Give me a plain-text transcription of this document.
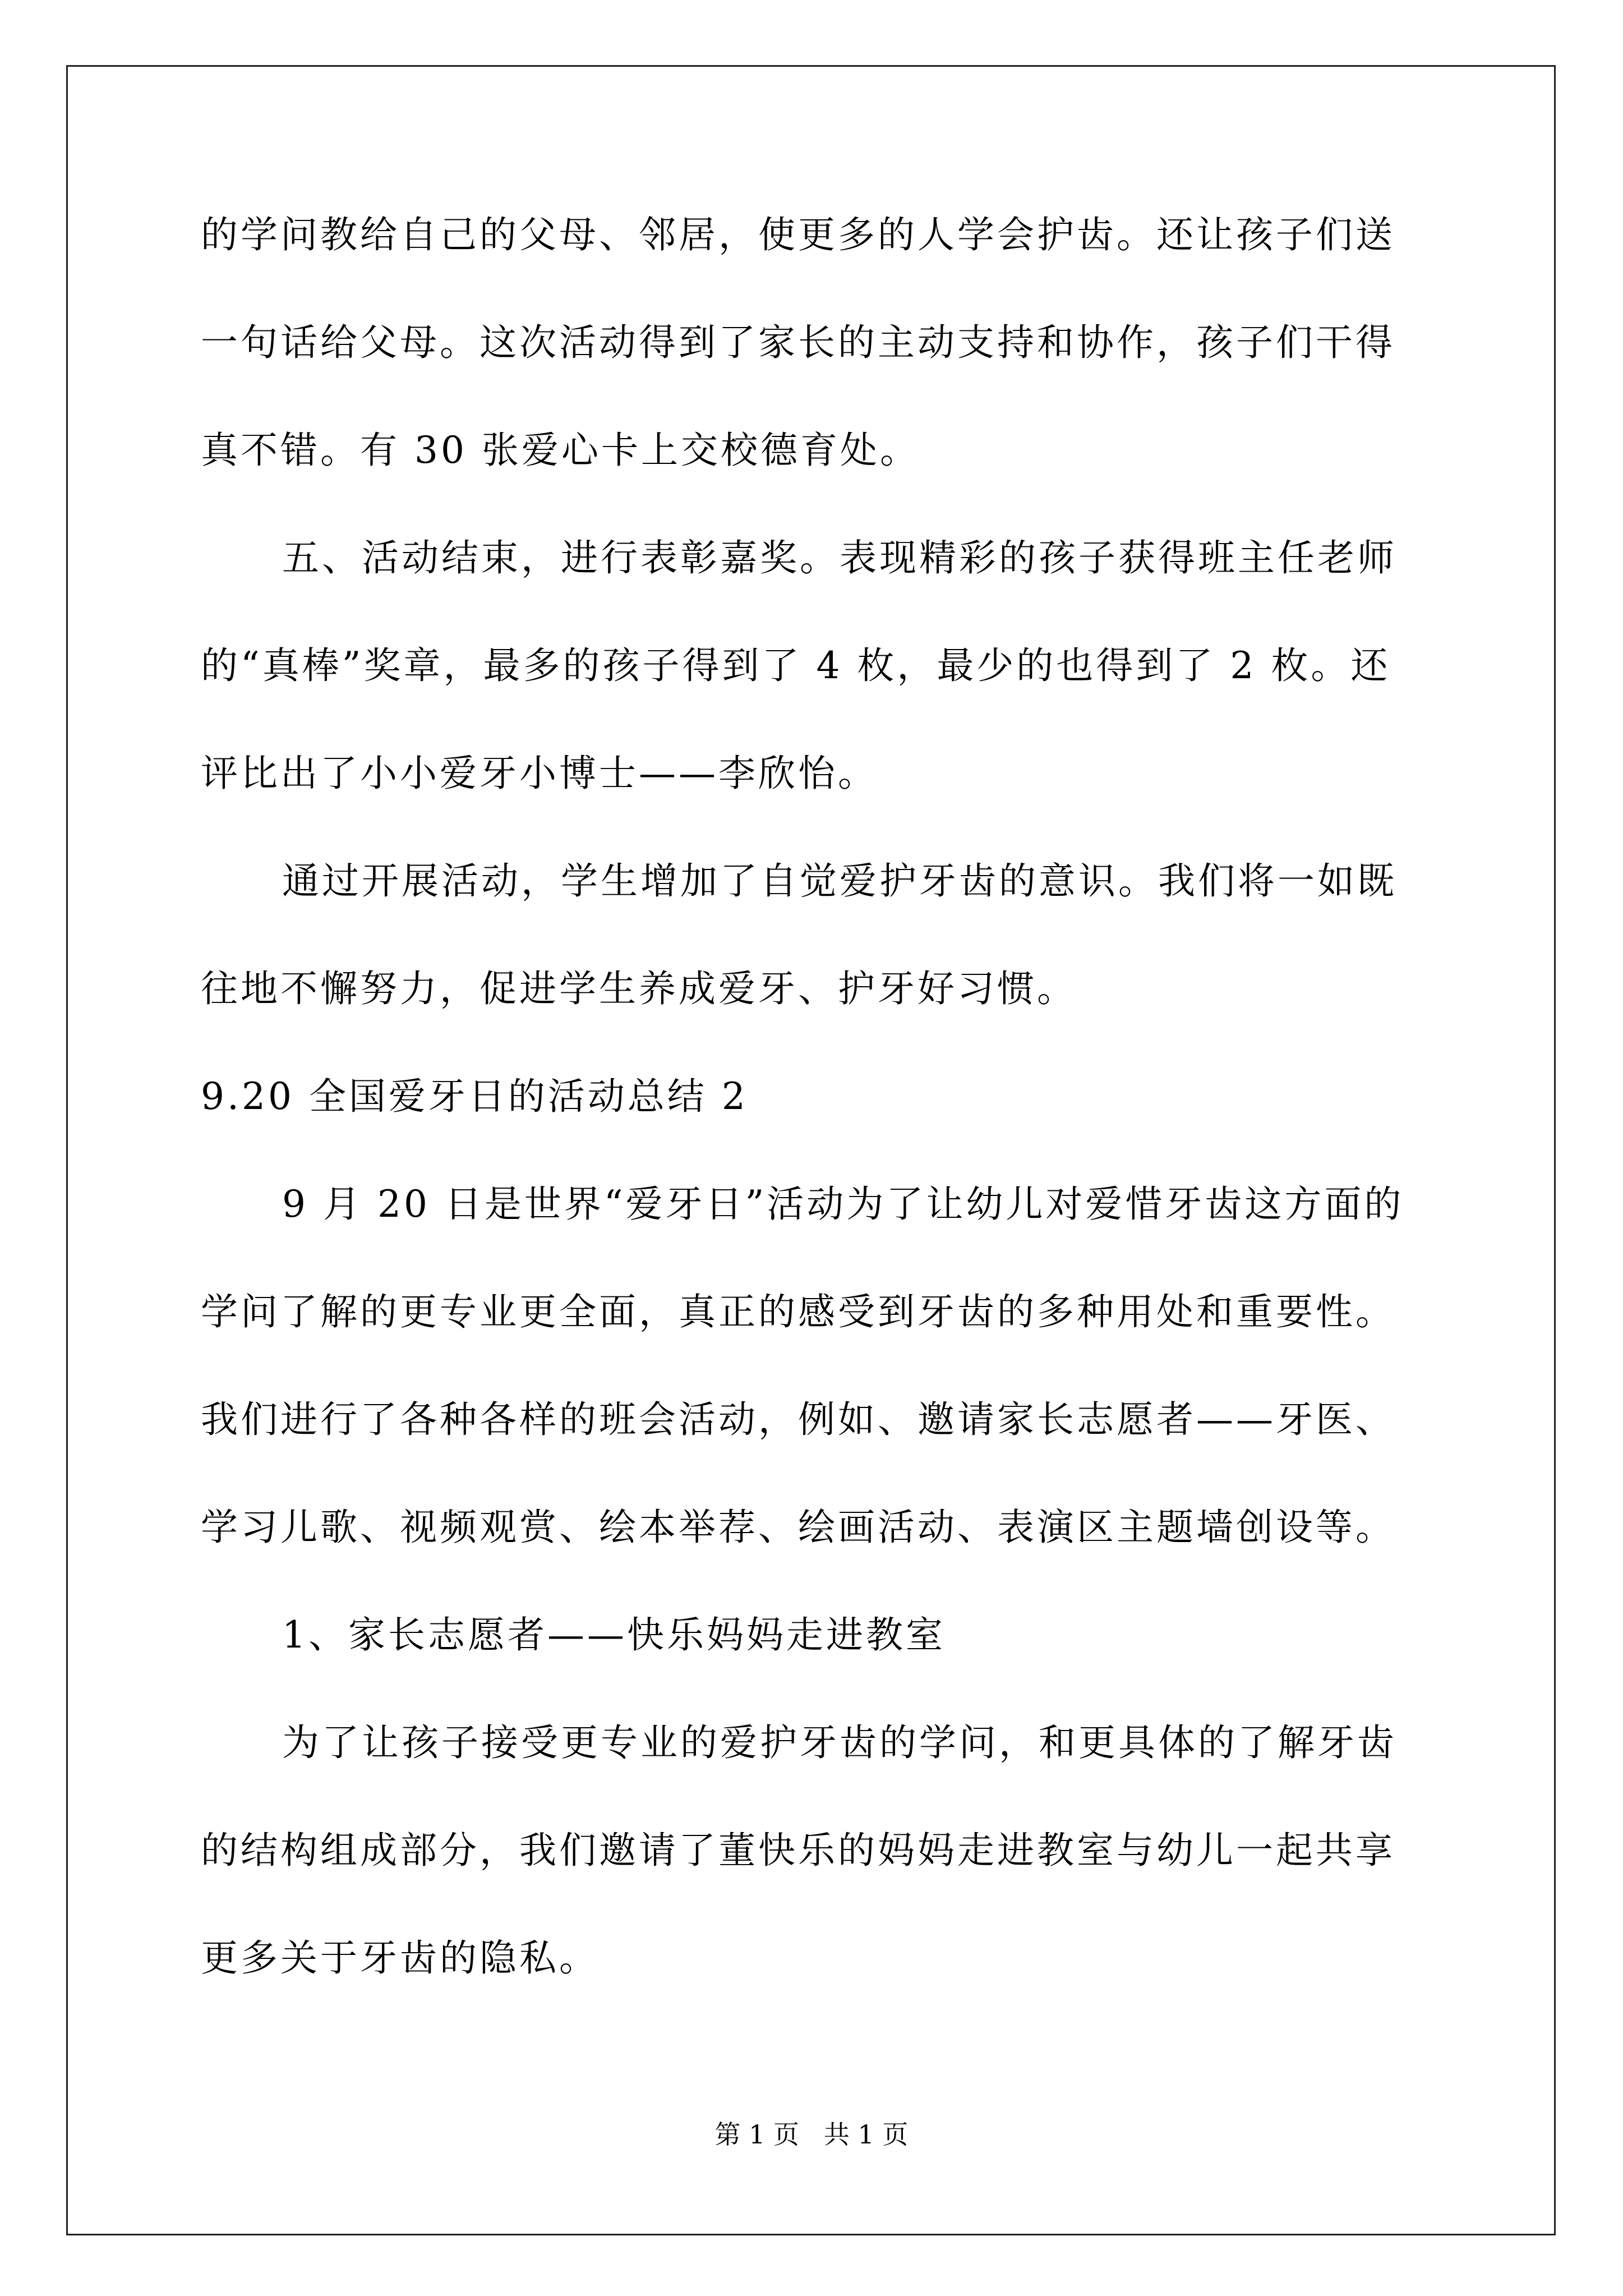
的学问教给自己的父母、邻居，使更多的人学会护齿。还让孩子们送

一句话给父母。这次活动得到了家长的主动支持和协作，孩子们干得

真不错。有 30 张爱心卡上交校德育处。

五、活动结束，进行表彰嘉奖。表现精彩的孩子获得班主任老师

的“真棒”奖章，最多的孩子得到了 4 枚，最少的也得到了 2 枚。还

评比出了小小爱牙小博士——李欣怡。

通过开展活动，学生增加了自觉爱护牙齿的意识。我们将一如既

往地不懈努力，促进学生养成爱牙、护牙好习惯。

9.20 全国爱牙日的活动总结 2

9 月 20 日是世界“爱牙日”活动为了让幼儿对爱惜牙齿这方面的

学问了解的更专业更全面，真正的感受到牙齿的多种用处和重要性。

我们进行了各种各样的班会活动，例如、邀请家长志愿者——牙医、

学习儿歌、视频观赏、绘本举荐、绘画活动、表演区主题墙创设等。

1、家长志愿者——快乐妈妈走进教室

为了让孩子接受更专业的爱护牙齿的学问，和更具体的了解牙齿

的结构组成部分，我们邀请了董快乐的妈妈走进教室与幼儿一起共享

更多关于牙齿的隐私。

第 1 页   共 1 页
